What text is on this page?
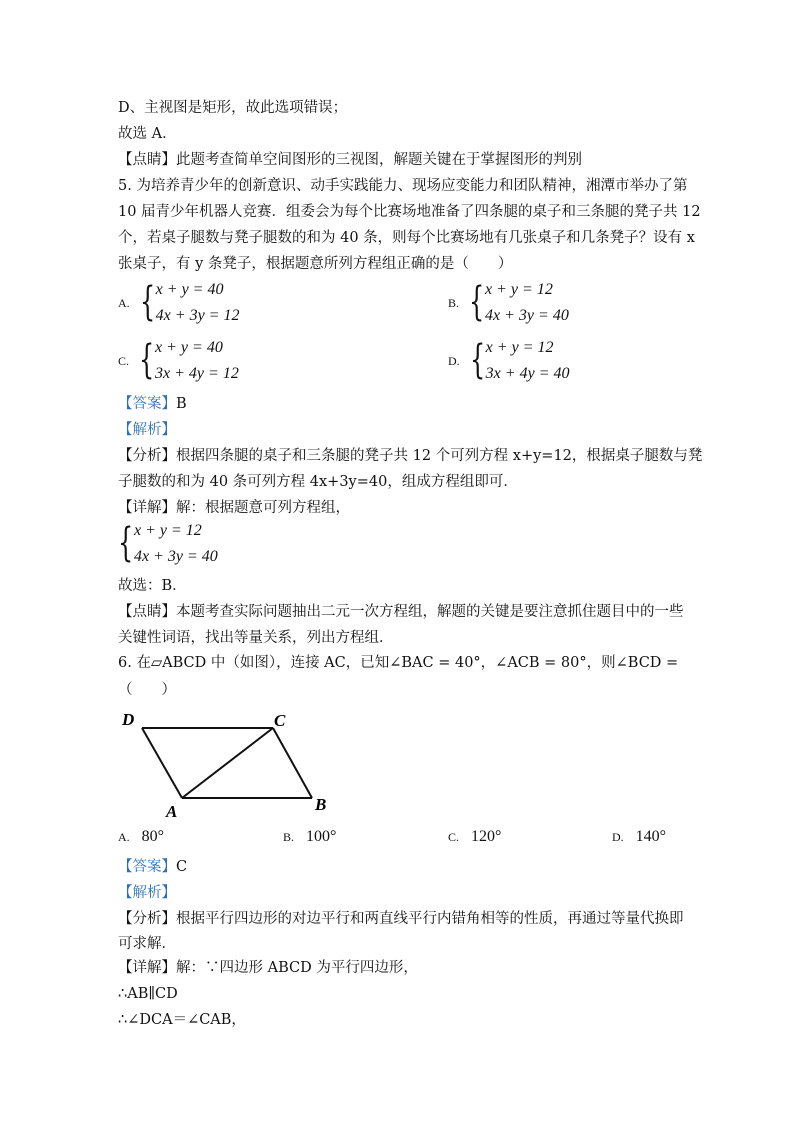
D、主视图是矩形，故此选项错误；
故选 A．
【点睛】此题考查简单空间图形的三视图，解题关键在于掌握图形的判别
5. 为培养青少年的创新意识、动手实践能力、现场应变能力和团队精神，湘潭市举办了第
10 届青少年机器人竞赛．组委会为每个比赛场地准备了四条腿的桌子和三条腿的凳子共 12
个，若桌子腿数与凳子腿数的和为 40 条，则每个比赛场地有几张桌子和几条凳子？设有 x
张桌子，有 y 条凳子，根据题意所列方程组正确的是（　　）
A. { x + y = 40
4x + 3y = 12
B. { x + y = 12
4x + 3y = 40
C. { x + y = 40
3x + 4y = 12
D. { x + y = 12
3x + 4y = 40
【答案】B
【解析】
【分析】根据四条腿的桌子和三条腿的凳子共 12 个可列方程 x+y=12，根据桌子腿数与凳
子腿数的和为 40 条可列方程 4x+3y=40，组成方程组即可．
【详解】解：根据题意可列方程组，
{ x + y = 12
4x + 3y = 40
故选：B．
【点睛】本题考查实际问题抽出二元一次方程组，解题的关键是要注意抓住题目中的一些
关键性词语，找出等量关系，列出方程组．
6. 在▱ABCD 中（如图），连接 AC，已知∠BAC = 40°，∠ACB = 80°，则∠BCD =
（　　）
D	C
A	B
A. 80°	B. 100°	C. 120°	D. 140°
【答案】C
【解析】
【分析】根据平行四边形的对边平行和两直线平行内错角相等的性质，再通过等量代换即
可求解．
【详解】解：∵四边形 ABCD 为平行四边形，
∴AB∥CD
∴∠DCA＝∠CAB，
